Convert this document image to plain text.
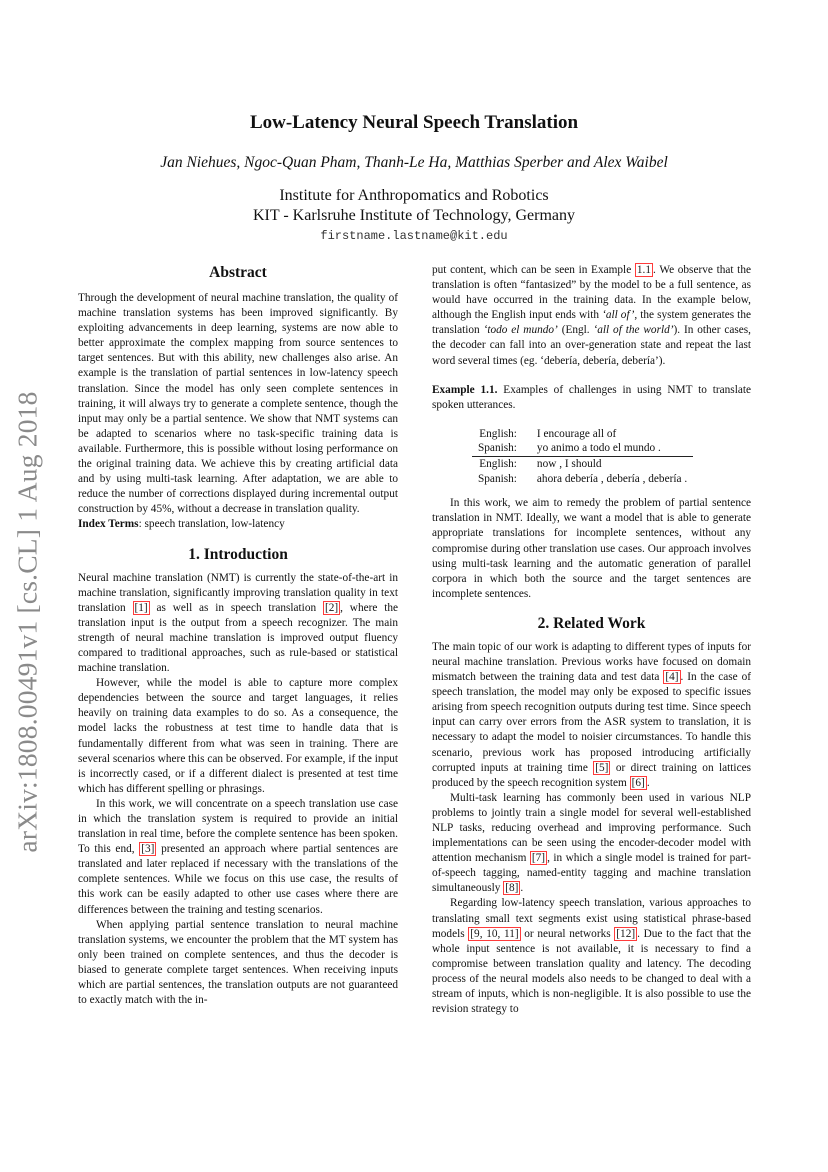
arXiv:1808.00491v1 [cs.CL] 1 Aug 2018
Low-Latency Neural Speech Translation
Jan Niehues, Ngoc-Quan Pham, Thanh-Le Ha, Matthias Sperber and Alex Waibel
Institute for Anthropomatics and Robotics
KIT - Karlsruhe Institute of Technology, Germany
firstname.lastname@kit.edu
Abstract

Through the development of neural machine translation, the quality of machine translation systems has been improved significantly. By exploiting advancements in deep learning, systems are now able to better approximate the complex mapping from source sentences to target sentences. But with this ability, new challenges also arise. An example is the translation of partial sentences in low-latency speech translation. Since the model has only seen complete sentences in training, it will always try to generate a complete sentence, though the input may only be a partial sentence. We show that NMT systems can be adapted to scenarios where no task-specific training data is available. Furthermore, this is possible without losing performance on the original training data. We achieve this by creating artificial data and by using multi-task learning. After adaptation, we are able to reduce the number of corrections displayed during incremental output construction by 45%, without a decrease in translation quality.

Index Terms: speech translation, low-latency

1. Introduction

Neural machine translation (NMT) is currently the state-of-the-art in machine translation, significantly improving translation quality in text translation [1] as well as in speech translation [2] , where the translation input is the output from a speech recognizer. The main strength of neural machine translation is improved output fluency compared to traditional approaches, such as rule-based or statistical machine translation.

However, while the model is able to capture more complex dependencies between the source and target languages, it relies heavily on training data examples to do so. As a consequence, the model lacks the robustness at test time to handle data that is fundamentally different from what was seen in training. There are several scenarios where this can be observed. For example, if the input is incorrectly cased, or if a different dialect is presented at test time which has different spelling or phrasings.

In this work, we will concentrate on a speech translation use case in which the translation system is required to provide an initial translation in real time, before the complete sentence has been spoken. To this end, [3] presented an approach where partial sentences are translated and later replaced if necessary with the translations of the complete sentences. While we focus on this use case, the results of this work can be easily adapted to other use cases where there are differences between the training and testing scenarios.

When applying partial sentence translation to neural machine translation systems, we encounter the problem that the MT system has only been trained on complete sentences, and thus the decoder is biased to generate complete target sentences. When receiving inputs which are partial sentences, the translation outputs are not guaranteed to exactly match with the in-

put content, which can be seen in Example 1.1 . We observe that the translation is often “fantasized” by the model to be a full sentence, as would have occurred in the training data. In the example below, although the English input ends with ‘all of’, the system generates the translation ‘todo el mundo’ (Engl. ‘all of the world’). In other cases, the decoder can fall into an over-generation state and repeat the last word several times (eg. ‘debería, debería, debería’).

Example 1.1. Examples of challenges in using NMT to translate spoken utterances.

English:	I encourage all of
Spanish:	yo animo a todo el mundo .
English:	now , I should
Spanish:	ahora debería , debería , debería .

In this work, we aim to remedy the problem of partial sentence translation in NMT. Ideally, we want a model that is able to generate appropriate translations for incomplete sentences, without any compromise during other translation use cases. Our approach involves using multi-task learning and the automatic generation of parallel corpora in which both the source and the target sentences are incomplete sentences.

2. Related Work

The main topic of our work is adapting to different types of inputs for neural machine translation. Previous works have focused on domain mismatch between the training data and test data [4] . In the case of speech translation, the model may only be exposed to specific issues arising from speech recognition outputs during test time. Since speech input can carry over errors from the ASR system to translation, it is necessary to adapt the model to noisier circumstances. To handle this scenario, previous work has proposed introducing artificially corrupted inputs at training time [5] or direct training on lattices produced by the speech recognition system [6] .

Multi-task learning has commonly been used in various NLP problems to jointly train a single model for several well-established NLP tasks, reducing overhead and improving performance. Such implementations can be seen using the encoder-decoder model with attention mechanism [7] , in which a single model is trained for part-of-speech tagging, named-entity tagging and machine translation simultaneously [8] .

Regarding low-latency speech translation, various approaches to translating small text segments exist using statistical phrase-based models [9, 10, 11] or neural networks [12] . Due to the fact that the whole input sentence is not available, it is necessary to find a compromise between translation quality and latency. The decoding process of the neural models also needs to be changed to deal with a stream of inputs, which is non-negligible. It is also possible to use the revision strategy to
